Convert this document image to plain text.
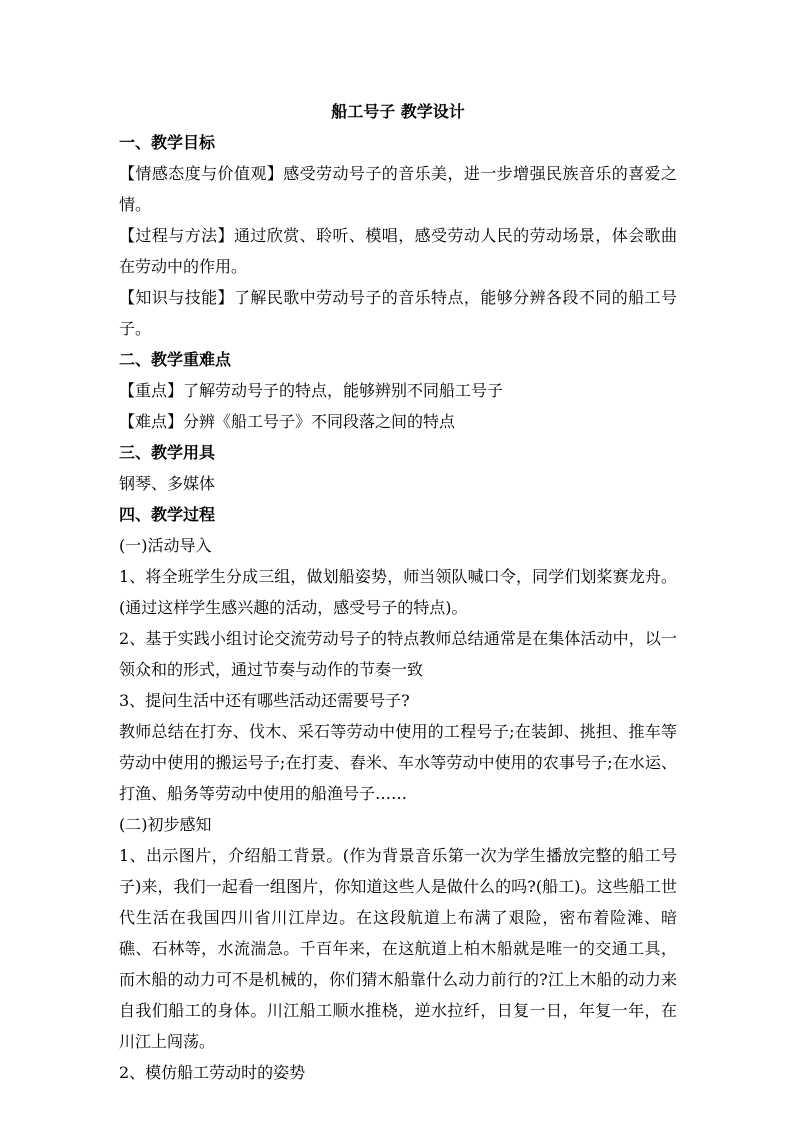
船工号子 教学设计
一、教学目标
【情感态度与价值观】感受劳动号子的音乐美，进一步增强民族音乐的喜爱之情。
【过程与方法】通过欣赏、聆听、模唱，感受劳动人民的劳动场景，体会歌曲在劳动中的作用。
【知识与技能】了解民歌中劳动号子的音乐特点，能够分辨各段不同的船工号子。
二、教学重难点
【重点】了解劳动号子的特点，能够辨别不同船工号子
【难点】分辨《船工号子》不同段落之间的特点
三、教学用具
钢琴、多媒体
四、教学过程
(一)活动导入
1、将全班学生分成三组，做划船姿势，师当领队喊口令，同学们划桨赛龙舟。(通过这样学生感兴趣的活动，感受号子的特点)。
2、基于实践小组讨论交流劳动号子的特点教师总结通常是在集体活动中，以一领众和的形式，通过节奏与动作的节奏一致
3、提问生活中还有哪些活动还需要号子?
教师总结在打夯、伐木、采石等劳动中使用的工程号子;在装卸、挑担、推车等劳动中使用的搬运号子;在打麦、舂米、车水等劳动中使用的农事号子;在水运、打渔、船务等劳动中使用的船渔号子……
(二)初步感知
1、出示图片，介绍船工背景。(作为背景音乐第一次为学生播放完整的船工号子)来，我们一起看一组图片，你知道这些人是做什么的吗?(船工)。这些船工世代生活在我国四川省川江岸边。在这段航道上布满了艰险，密布着险滩、暗礁、石林等，水流湍急。千百年来，在这航道上柏木船就是唯一的交通工具，而木船的动力可不是机械的，你们猜木船靠什么动力前行的?江上木船的动力来自我们船工的身体。川江船工顺水推桡，逆水拉纤，日复一日，年复一年，在川江上闯荡。
2、模仿船工劳动时的姿势
